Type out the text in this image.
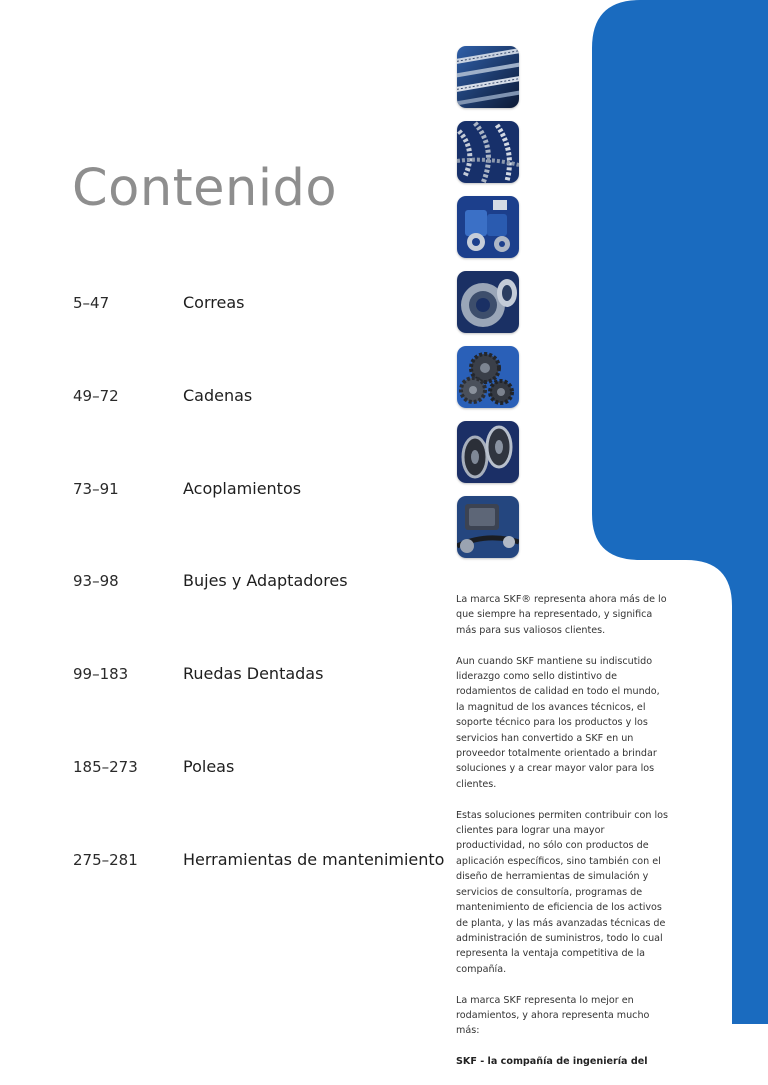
Contenido
5–47	Correas
49–72	Cadenas
73–91	Acoplamientos
93–98	Bujes y Adaptadores
99–183	Ruedas Dentadas
185–273	Poleas
275–281	Herramientas de mantenimiento

La marca SKF® representa ahora más de lo que siempre ha representado, y significa más para sus valiosos clientes.

Aun cuando SKF mantiene su indiscutido liderazgo como sello distintivo de rodamientos de calidad en todo el mundo, la magnitud de los avances técnicos, el soporte técnico para los productos y los servicios han convertido a SKF en un proveedor totalmente orientado a brindar soluciones y a crear mayor valor para los clientes.

Estas soluciones permiten contribuir con los clientes para lograr una mayor productividad, no sólo con productos de aplicación específicos, sino también con el diseño de herramientas de simulación y servicios de consultoría, programas de mantenimiento de eficiencia de los activos de planta, y las más avanzadas técnicas de administración de suministros, todo lo cual representa la ventaja competitiva de la compañía.

La marca SKF representa lo mejor en rodamientos, y ahora representa mucho más:

SKF - la compañía de ingeniería del
